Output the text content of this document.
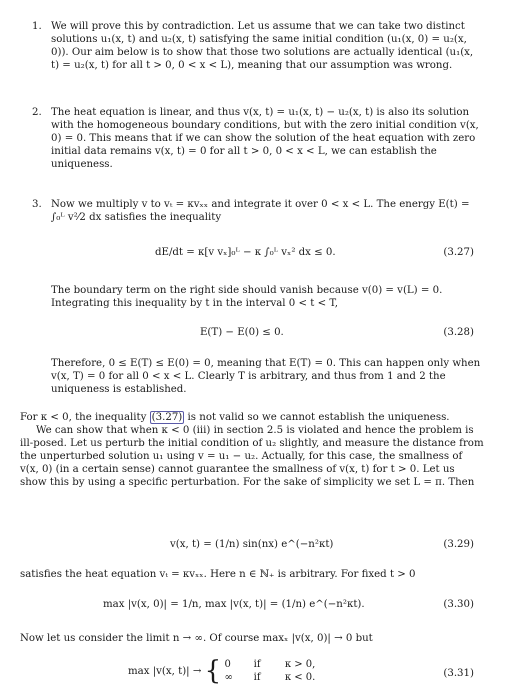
1. We will prove this by contradiction. Let us assume that we can take two distinct solutions u₁(x, t) and u₂(x, t) satisfying the same initial condition (u₁(x, 0) = u₂(x, 0)). Our aim below is to show that those two solutions are actually identical (u₁(x, t) = u₂(x, t) for all t > 0, 0 < x < L), meaning that our assumption was wrong.

2. The heat equation is linear, and thus v(x, t) = u₁(x, t) − u₂(x, t) is also its solution with the homogeneous boundary conditions, but with the zero initial condition v(x, 0) = 0. This means that if we can show the solution of the heat equation with zero initial data remains v(x, t) = 0 for all t > 0, 0 < x < L, we can establish the uniqueness.

3. Now we multiply v to vₜ = κvₓₓ and integrate it over 0 < x < L. The energy E(t) = ∫₀ᴸ v²⁄2 dx satisfies the inequality

dE/dt = κ[v vₓ]₀ᴸ − κ ∫₀ᴸ vₓ² dx ≤ 0.	(3.27)

The boundary term on the right side should vanish because v(0) = v(L) = 0. Integrating this inequality by t in the interval 0 < t < T,

E(T) − E(0) ≤ 0.	(3.28)

Therefore, 0 ≤ E(T) ≤ E(0) = 0, meaning that E(T) = 0. This can happen only when v(x, T) = 0 for all 0 < x < L. Clearly T is arbitrary, and thus from 1 and 2 the uniqueness is established.

For κ < 0, the inequality (3.27) is not valid so we cannot establish the uniqueness.

We can show that when κ < 0 (iii) in section 2.5 is violated and hence the problem is ill-posed. Let us perturb the initial condition of u₂ slightly, and measure the distance from the unperturbed solution u₁ using v = u₁ − u₂. Actually, for this case, the smallness of v(x, 0) (in a certain sense) cannot guarantee the smallness of v(x, t) for t > 0. Let us show this by using a specific perturbation. For the sake of simplicity we set L = π. Then

v(x, t) = (1/n) sin(nx) e^(−n²κt)	(3.29)

satisfies the heat equation vₜ = κvₓₓ. Here n ∈ ℕ₊ is arbitrary. For fixed t > 0

max |v(x, 0)| = 1/n, max |v(x, t)| = (1/n) e^(−n²κt).	(3.30)

Now let us consider the limit n → ∞. Of course maxₓ |v(x, 0)| → 0 but

max |v(x, t)| → { 0 if κ > 0,
∞ if κ < 0.	(3.31)
